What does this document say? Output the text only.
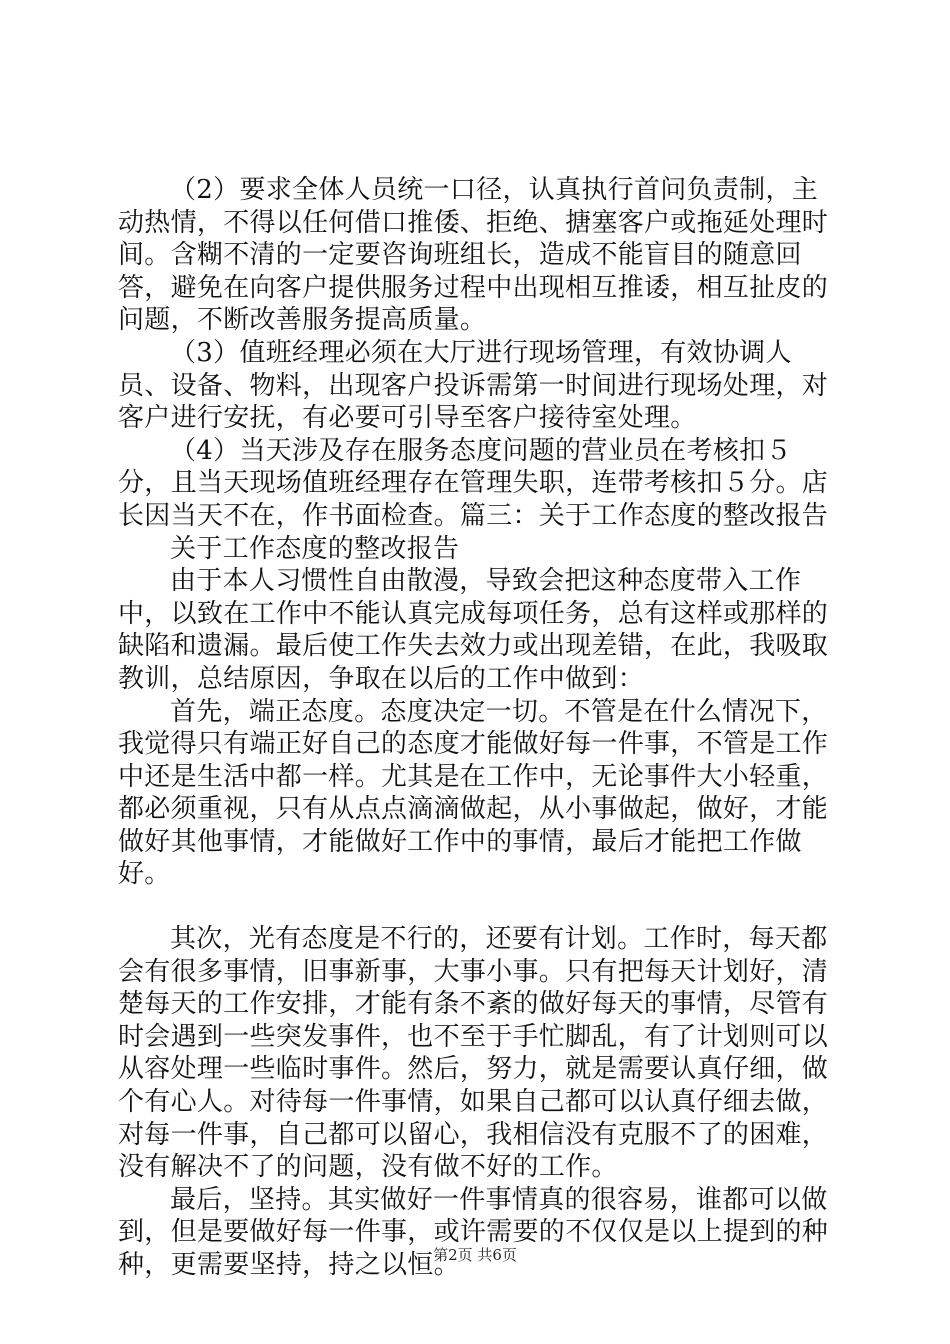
（2）要求全体人员统一口径，认真执行首问负责制，主动热情，不得以任何借口推倭、拒绝、搪塞客户或拖延处理时间。含糊不清的一定要咨询班组长，造成不能盲目的随意回答，避免在向客户提供服务过程中出现相互推诿，相互扯皮的问题，不断改善服务提高质量。

（3）值班经理必须在大厅进行现场管理，有效协调人员、设备、物料，出现客户投诉需第一时间进行现场处理，对客户进行安抚，有必要可引导至客户接待室处理。

（4）当天涉及存在服务态度问题的营业员在考核扣５分，且当天现场值班经理存在管理失职，连带考核扣５分。店长因当天不在，作书面检查。篇三：关于工作态度的整改报告

关于工作态度的整改报告

由于本人习惯性自由散漫，导致会把这种态度带入工作中，以致在工作中不能认真完成每项任务，总有这样或那样的缺陷和遗漏。最后使工作失去效力或出现差错，在此，我吸取教训，总结原因，争取在以后的工作中做到：

首先，端正态度。态度决定一切。不管是在什么情况下，我觉得只有端正好自己的态度才能做好每一件事，不管是工作中还是生活中都一样。尤其是在工作中，无论事件大小轻重，都必须重视，只有从点点滴滴做起，从小事做起，做好，才能做好其他事情，才能做好工作中的事情，最后才能把工作做好。

其次，光有态度是不行的，还要有计划。工作时，每天都会有很多事情，旧事新事，大事小事。只有把每天计划好，清楚每天的工作安排，才能有条不紊的做好每天的事情，尽管有时会遇到一些突发事件，也不至于手忙脚乱，有了计划则可以从容处理一些临时事件。然后，努力，就是需要认真仔细，做个有心人。对待每一件事情，如果自己都可以认真仔细去做，对每一件事，自己都可以留心，我相信没有克服不了的困难，没有解决不了的问题，没有做不好的工作。

最后，坚持。其实做好一件事情真的很容易，谁都可以做到，但是要做好每一件事，或许需要的不仅仅是以上提到的种种，更需要坚持，持之以恒。

第2页 共6页
